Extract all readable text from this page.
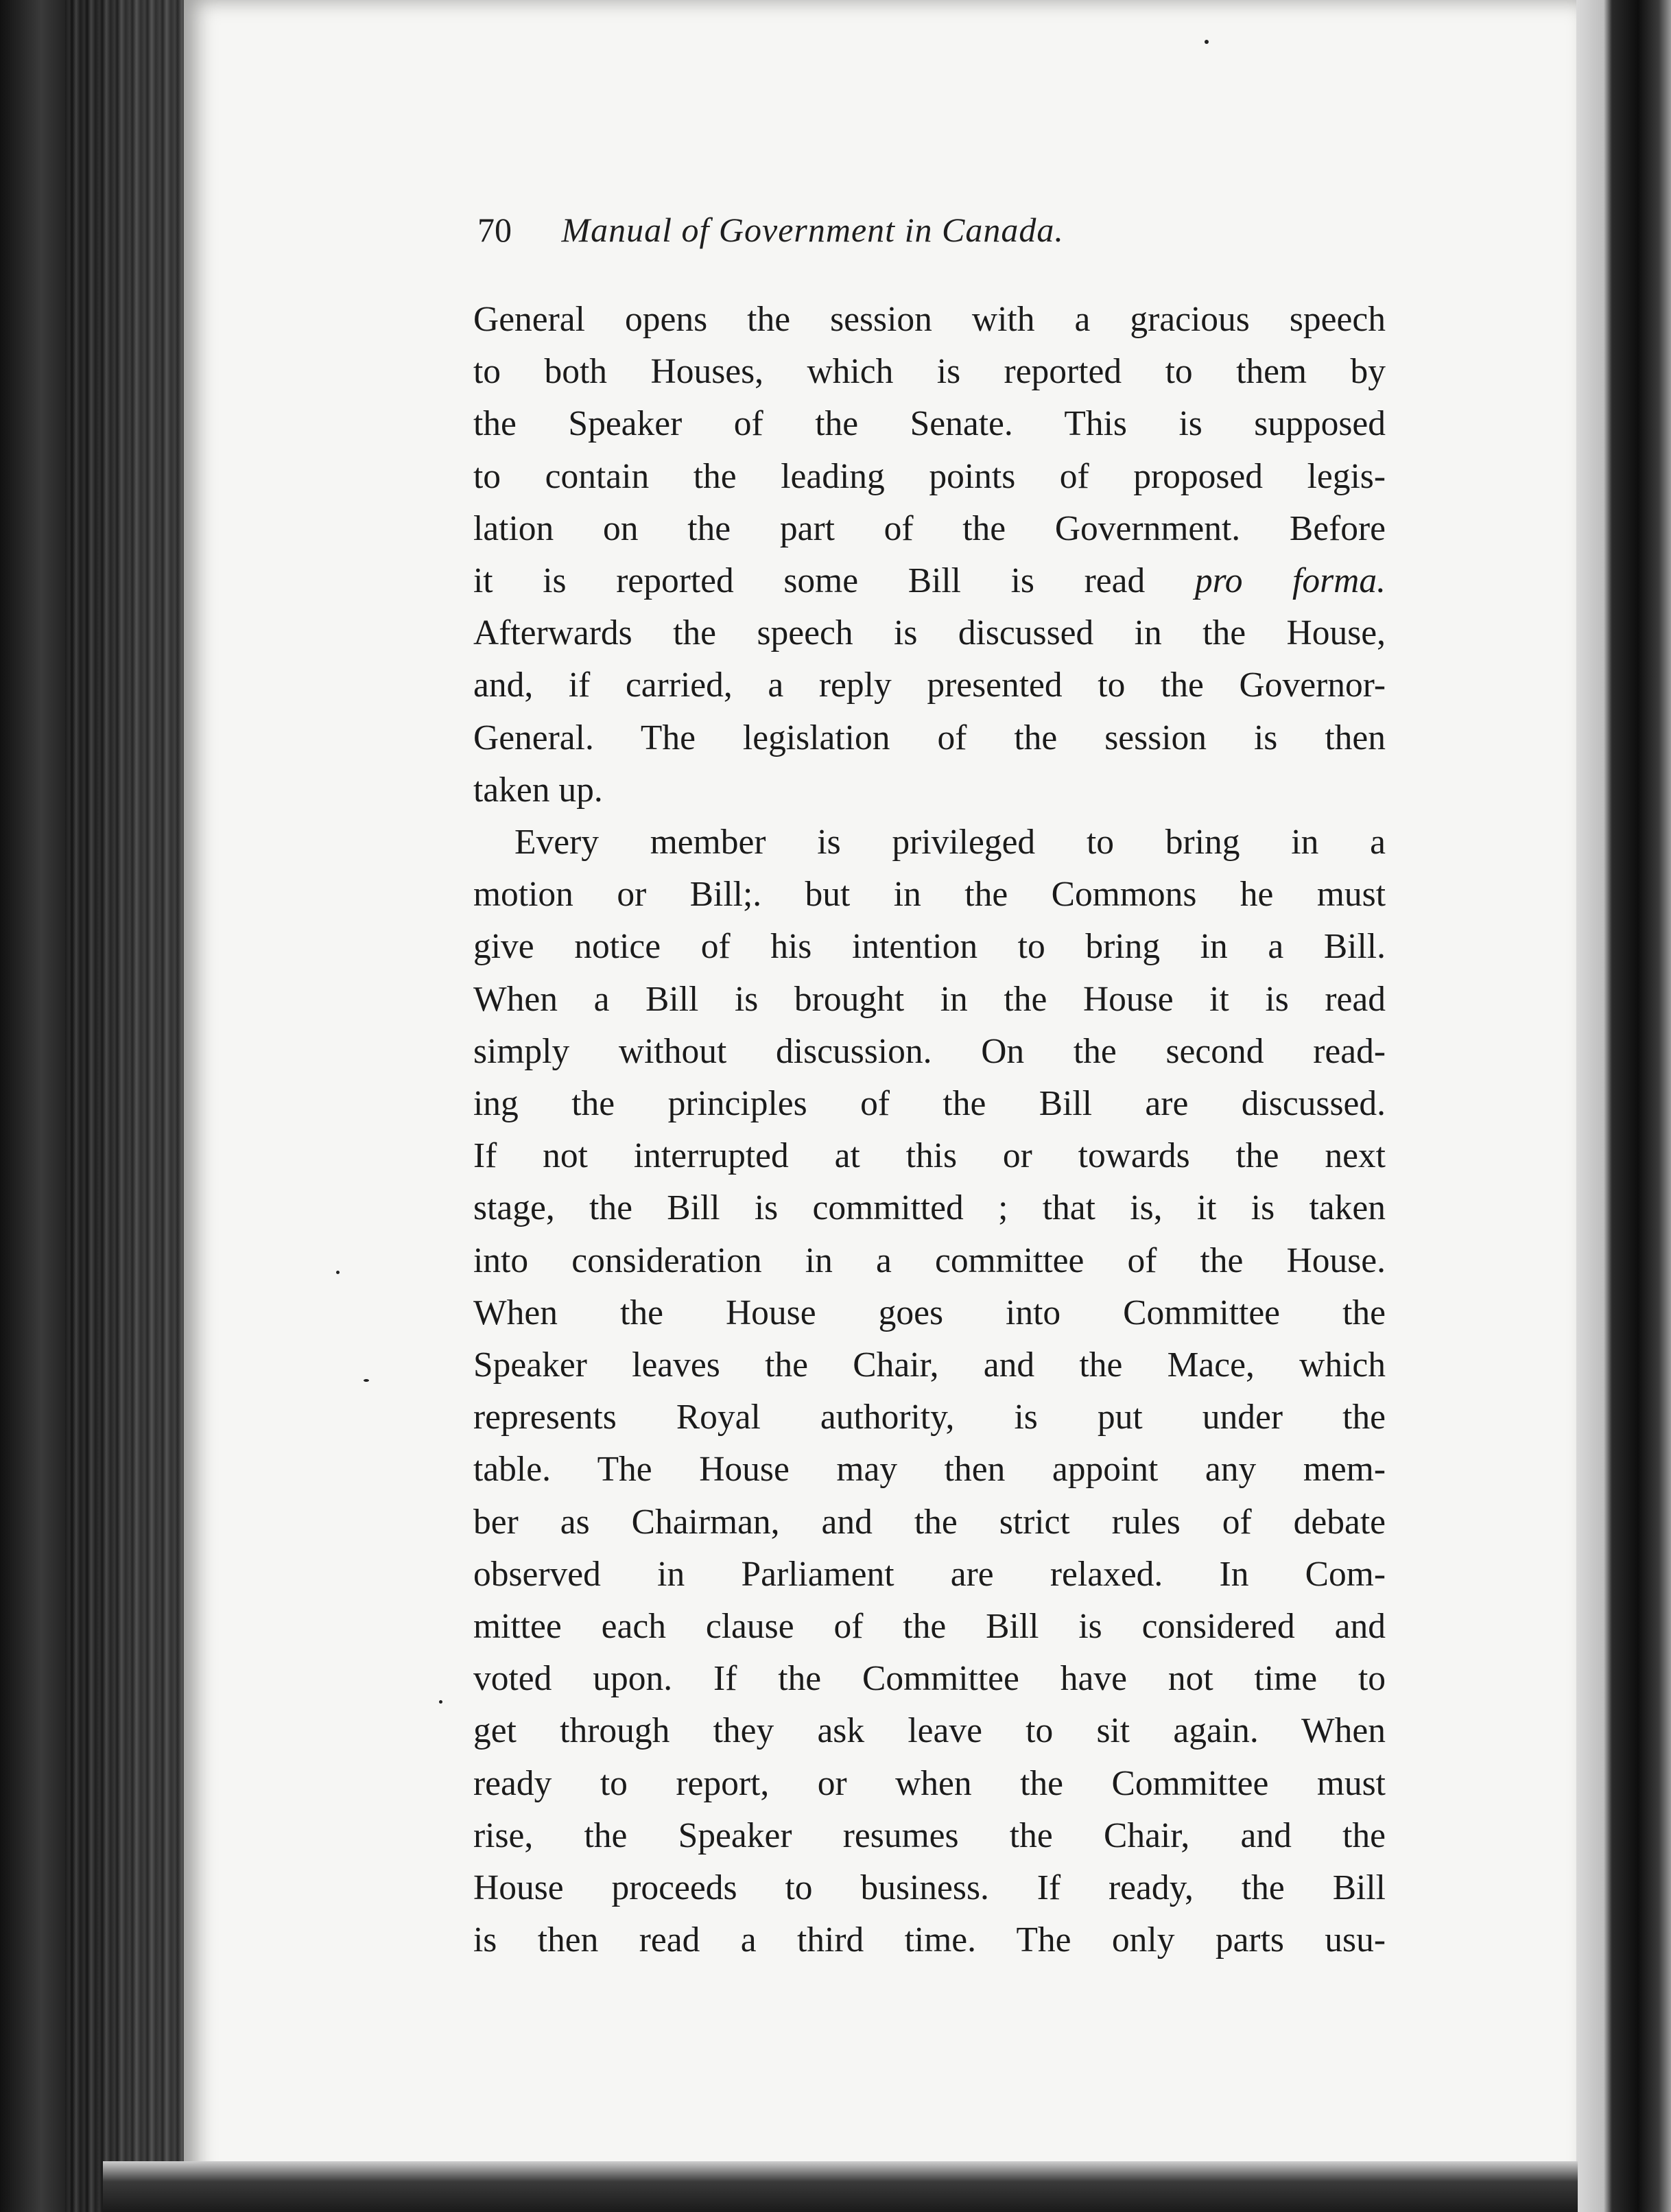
70 Manual of Government in Canada.
General opens the session with a gracious speech
to both Houses, which is reported to them by
the Speaker of the Senate. This is supposed
to contain the leading points of proposed legis-
lation on the part of the Government. Before
it is reported some Bill is read pro forma.
Afterwards the speech is discussed in the House,
and, if carried, a reply presented to the Governor-
General. The legislation of the session is then
taken up.
Every member is privileged to bring in a
motion or Bill;. but in the Commons he must
give notice of his intention to bring in a Bill.
When a Bill is brought in the House it is read
simply without discussion. On the second read-
ing the principles of the Bill are discussed.
If not interrupted at this or towards the next
stage, the Bill is committed ; that is, it is taken
into consideration in a committee of the House.
When the House goes into Committee the
Speaker leaves the Chair, and the Mace, which
represents Royal authority, is put under the
table. The House may then appoint any mem-
ber as Chairman, and the strict rules of debate
observed in Parliament are relaxed. In Com-
mittee each clause of the Bill is considered and
voted upon. If the Committee have not time to
get through they ask leave to sit again. When
ready to report, or when the Committee must
rise, the Speaker resumes the Chair, and the
House proceeds to business. If ready, the Bill
is then read a third time. The only parts usu-
